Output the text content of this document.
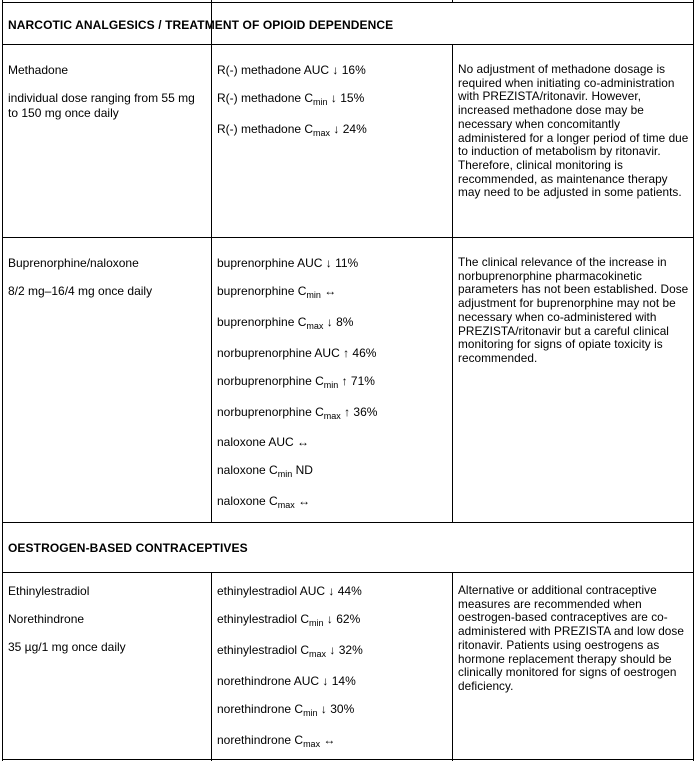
NARCOTIC ANALGESICS / TREATMENT OF OPIOID DEPENDENCE
Methadone
individual dose ranging from 55 mg to 150 mg once daily
R(-) methadone AUC ↓ 16%
R(-) methadone $C_{min}$ ↓ 15%
R(-) methadone $C_{max}$ ↓ 24%
No adjustment of methadone dosage is required when initiating co-administration with PREZISTA/ritonavir. However, increased methadone dose may be necessary when concomitantly administered for a longer period of time due to induction of metabolism by ritonavir. Therefore, clinical monitoring is recommended, as maintenance therapy may need to be adjusted in some patients.
Buprenorphine/naloxone
8/2 mg–16/4 mg once daily
buprenorphine AUC ↓ 11%
buprenorphine $C_{min}$ ↔
buprenorphine $C_{max}$ ↓ 8%
norbuprenorphine AUC ↑ 46%
norbuprenorphine $C_{min}$ ↑ 71%
norbuprenorphine $C_{max}$ ↑ 36%
naloxone AUC ↔
naloxone $C_{min}$ ND
naloxone $C_{max}$ ↔
The clinical relevance of the increase in norbuprenorphine pharmacokinetic parameters has not been established. Dose adjustment for buprenorphine may not be necessary when co-administered with PREZISTA/ritonavir but a careful clinical monitoring for signs of opiate toxicity is recommended.
OESTROGEN-BASED CONTRACEPTIVES
Ethinylestradiol
Norethindrone
35 µg/1 mg once daily
ethinylestradiol AUC ↓ 44%
ethinylestradiol $C_{min}$ ↓ 62%
ethinylestradiol $C_{max}$ ↓ 32%
norethindrone AUC ↓ 14%
norethindrone $C_{min}$ ↓ 30%
norethindrone $C_{max}$ ↔
Alternative or additional contraceptive measures are recommended when oestrogen-based contraceptives are co-administered with PREZISTA and low dose ritonavir. Patients using oestrogens as hormone replacement therapy should be clinically monitored for signs of oestrogen deficiency.
